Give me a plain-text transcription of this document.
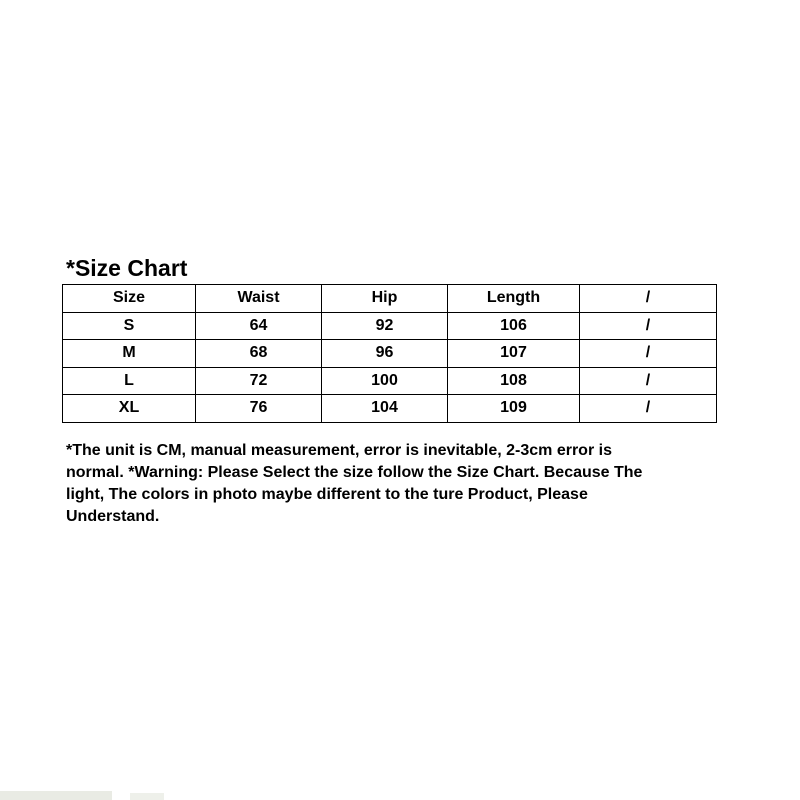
*Size Chart
Size	Waist	Hip	Length	/
S	64	92	106	/
M	68	96	107	/
L	72	100	108	/
XL	76	104	109	/
*The unit is CM, manual measurement, error is inevitable, 2-3cm error is
normal. *Warning: Please Select the size follow the Size Chart. Because The
light, The colors in photo maybe different to the ture Product, Please
Understand.
